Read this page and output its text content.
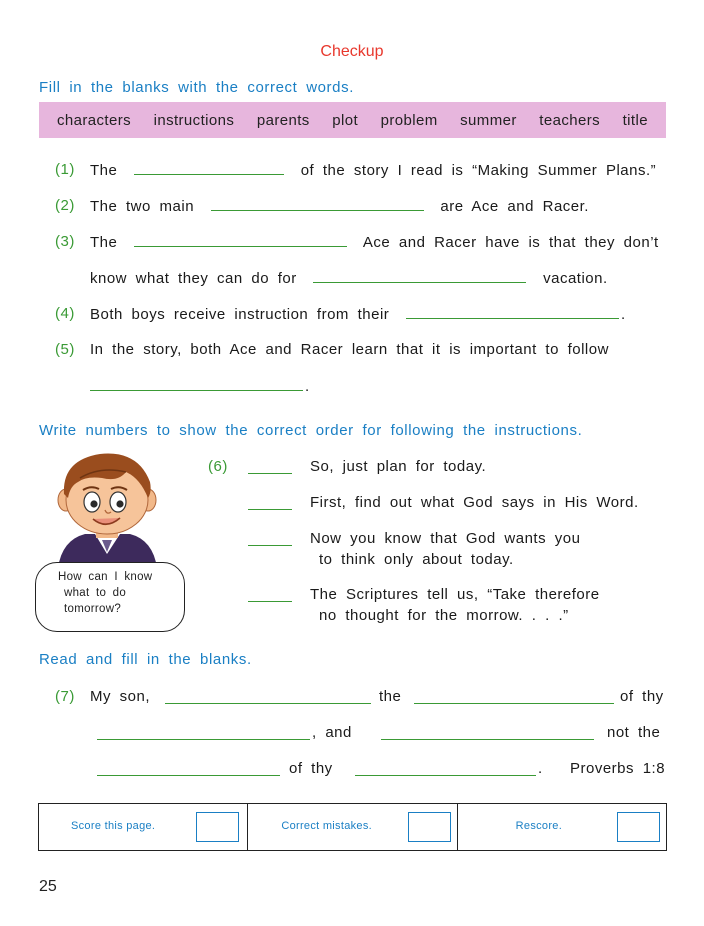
Checkup
Fill in the blanks with the correct words.
characters instructions parents plot problem summer teachers title
(1) The	of the story I read is “Making Summer Plans.”
(2) The two main	are Ace and Racer.
(3) The	Ace and Racer have is that they don’t
know what they can do for	vacation.
(4) Both boys receive instruction from their	.
(5) In the story, both Ace and Racer learn that it is important to follow
.
Write numbers to show the correct order for following the instructions.
How can I know
what to do
tomorrow?
(6)	So, just plan for today.
First, find out what God says in His Word.
Now you know that God wants you
to think only about today.
The Scriptures tell us, “Take therefore
no thought for the morrow. . . .”
Read and fill in the blanks.
(7) My son,	the	of thy
, and	not the
of thy	. Proverbs 1:8
Score this page.	Correct mistakes.	Rescore.
25
